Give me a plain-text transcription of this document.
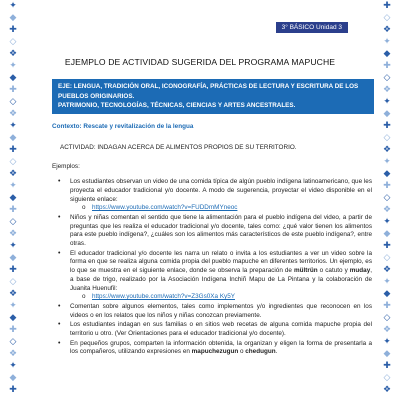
✦
◆
✚
◇
❖
✦
◆
✚
◇
❖
✦
◆
✚
◇
❖
✦
◆
✚
◇
❖
✦
◆
✚
◇
❖
✦
◆
✚
◇
❖
✦
◆
✚
✚
◇
❖
✦
◆
✚
◇
❖
✦
◆
✚
◇
❖
✦
◆
✚
◇
❖
✦
◆
✚
◇
❖
✦
◆
✚
◇
❖
✦
◆
✚
◇
❖
3° BÁSICO Unidad 3
EJEMPLO DE ACTIVIDAD SUGERIDA DEL PROGRAMA MAPUCHE
EJE: LENGUA, TRADICIÓN ORAL, ICONOGRAFÍA, PRÁCTICAS DE LECTURA Y ESCRITURA DE LOS PUEBLOS ORIGINARIOS.
PATRIMONIO, TECNOLOGÍAS, TÉCNICAS, CIENCIAS Y ARTES ANCESTRALES.
Contexto: Rescate y revitalización de la lengua
ACTIVIDAD: INDAGAN ACERCA DE ALIMENTOS PROPIOS DE SU TERRITORIO.
Ejemplos:
• Los estudiantes observan un video de una comida típica de algún pueblo indígena latinoamericano, que les proyecta el educador tradicional y/o docente. A modo de sugerencia, proyectar el video disponible en el siguiente enlace:
o https://www.youtube.com/watch?v=FUDDmMYneoc
• Niños y niñas comentan el sentido que tiene la alimentación para el pueblo indígena del video, a partir de preguntas que les realiza el educador tradicional y/o docente, tales como: ¿qué valor tienen los alimentos para este pueblo indígena?, ¿cuáles son los alimentos más característicos de este pueblo indígena?, entre otras.
• El educador tradicional y/o docente les narra un relato o invita a los estudiantes a ver un video sobre la forma en que se realiza alguna comida propia del pueblo mapuche en diferentes territorios. Un ejemplo, es lo que se muestra en el siguiente enlace, donde se observa la preparación de mültrün o catuto y muday, a base de trigo, realizado por la Asociación Indígena Inchiñ Mapu de La Pintana y la colaboración de Juanita Huenufil:
o https://www.youtube.com/watch?v=Z3Gs0Xa Ky5Y
• Comentan sobre algunos elementos, tales como implementos y/o ingredientes que reconocen en los videos o en los relatos que los niños y niñas conozcan previamente.
• Los estudiantes indagan en sus familias o en sitios web recetas de alguna comida mapuche propia del territorio u otro. (Ver Orientaciones para el educador tradicional y/o docente).
• En pequeños grupos, comparten la información obtenida, la organizan y eligen la forma de presentarla a los compañeros, utilizando expresiones en mapuchezugun o chedugun.
